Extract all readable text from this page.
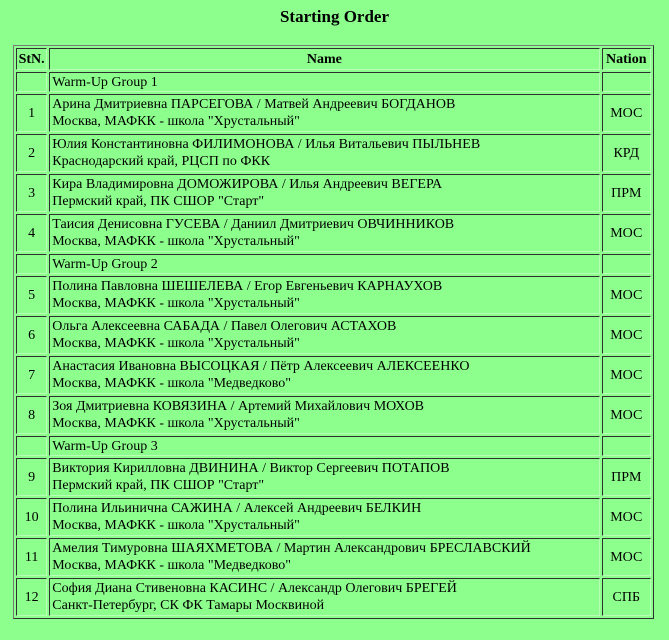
Starting Order
StN.	Name	Nation
	Warm-Up Group 1	
1	Арина Дмитриевна ПАРСЕГОВА / Матвей Андреевич БОГДАНОВ
Москва, МАФКК - школа "Хрустальный"	МОС
2	Юлия Константиновна ФИЛИМОНОВА / Илья Витальевич ПЫЛЬНЕВ
Краснодарский край, РЦСП по ФКК	КРД
3	Кира Владимировна ДОМОЖИРОВА / Илья Андреевич ВЕГЕРА
Пермский край, ПК СШОР "Старт"	ПРМ
4	Таисия Денисовна ГУСЕВА / Даниил Дмитриевич ОВЧИННИКОВ
Москва, МАФКК - школа "Хрустальный"	МОС
	Warm-Up Group 2	
5	Полина Павловна ШЕШЕЛЕВА / Егор Евгеньевич КАРНАУХОВ
Москва, МАФКК - школа "Хрустальный"	МОС
6	Ольга Алексеевна САБАДА / Павел Олегович АСТАХОВ
Москва, МАФКК - школа "Хрустальный"	МОС
7	Анастасия Ивановна ВЫСОЦКАЯ / Пётр Алексеевич АЛЕКСЕЕНКО
Москва, МАФКК - школа "Медведково"	МОС
8	Зоя Дмитриевна КОВЯЗИНА / Артемий Михайлович МОХОВ
Москва, МАФКК - школа "Хрустальный"	МОС
	Warm-Up Group 3	
9	Виктория Кирилловна ДВИНИНА / Виктор Сергеевич ПОТАПОВ
Пермский край, ПК СШОР "Старт"	ПРМ
10	Полина Ильинична САЖИНА / Алексей Андреевич БЕЛКИН
Москва, МАФКК - школа "Хрустальный"	МОС
11	Амелия Тимуровна ШАЯХМЕТОВА / Мартин Александрович БРЕСЛАВСКИЙ
Москва, МАФКК - школа "Медведково"	МОС
12	София Диана Стивеновна КАСИНС / Александр Олегович БРЕГЕЙ
Санкт-Петербург, СК ФК Тамары Москвиной	СПБ
